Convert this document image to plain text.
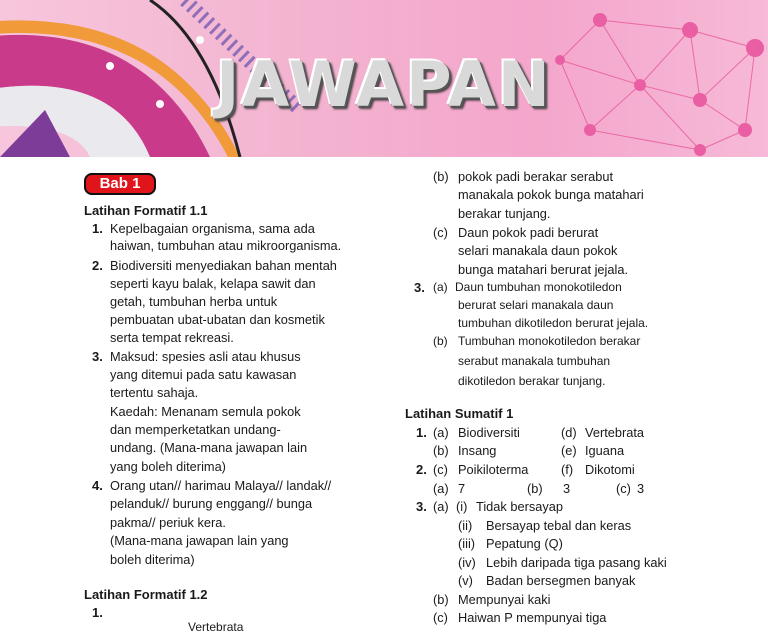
JAWAPAN
Bab 1
Latihan Formatif 1.1
1. Kepelbagaian organisma, sama ada
haiwan, tumbuhan atau mikroorganisma.
2. Biodiversiti menyediakan bahan mentah
seperti kayu balak, kelapa sawit dan
getah, tumbuhan herba untuk
pembuatan ubat-ubatan dan kosmetik
serta tempat rekreasi.
3. Maksud: spesies asli atau khusus
yang ditemui pada satu kawasan
tertentu sahaja.
Kaedah: Menanam semula pokok
dan memperketatkan undang-
undang. (Mana-mana jawapan lain
yang boleh diterima)
4. Orang utan// harimau Malaya// landak//
pelanduk// burung enggang// bunga
pakma// periuk kera.
(Mana-mana jawapan lain yang
boleh diterima)
Latihan Formatif 1.2
1.
Vertebrata
(b) pokok padi berakar serabut
manakala pokok bunga matahari
berakar tunjang.
(c) Daun pokok padi berurat
selari manakala daun pokok
bunga matahari berurat jejala.
3. (a) Daun tumbuhan monokotiledon
berurat selari manakala daun
tumbuhan dikotiledon berurat jejala.
(b) Tumbuhan monokotiledon berakar
serabut manakala tumbuhan
dikotiledon berakar tunjang.
Latihan Sumatif 1
1. (a) Biodiversiti	(d) Vertebrata
(b) Insang	(e) Iguana
2. (c) Poikiloterma	(f) Dikotomi
(a) 7	(b) 3	(c) 3
3. (a) (i) Tidak bersayap
(ii) Bersayap tebal dan keras
(iii) Pepatung (Q)
(iv) Lebih daripada tiga pasang kaki
(v) Badan bersegmen banyak
(b) Mempunyai kaki
(c) Haiwan P mempunyai tiga
